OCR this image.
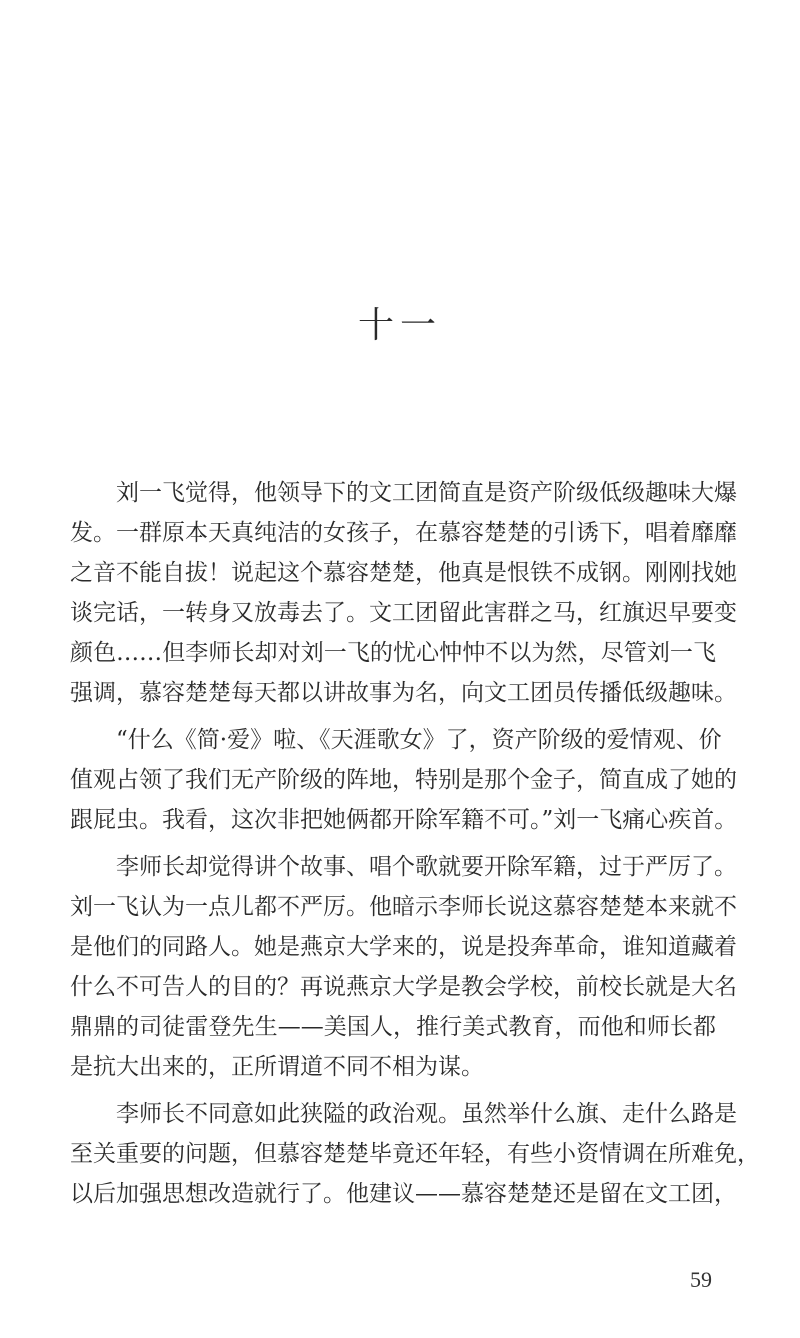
十一

　　刘一飞觉得，他领导下的文工团简直是资产阶级低级趣味大爆
发。一群原本天真纯洁的女孩子，在慕容楚楚的引诱下，唱着靡靡
之音不能自拔！说起这个慕容楚楚，他真是恨铁不成钢。刚刚找她
谈完话，一转身又放毒去了。文工团留此害群之马，红旗迟早要变
颜色……但李师长却对刘一飞的忧心忡忡不以为然，尽管刘一飞
强调，慕容楚楚每天都以讲故事为名，向文工团员传播低级趣味。

　　“什么《简·爱》啦、《天涯歌女》了，资产阶级的爱情观、价
值观占领了我们无产阶级的阵地，特别是那个金子，简直成了她的
跟屁虫。我看，这次非把她俩都开除军籍不可。”刘一飞痛心疾首。

　　李师长却觉得讲个故事、唱个歌就要开除军籍，过于严厉了。
刘一飞认为一点儿都不严厉。他暗示李师长说这慕容楚楚本来就不
是他们的同路人。她是燕京大学来的，说是投奔革命，谁知道藏着
什么不可告人的目的？再说燕京大学是教会学校，前校长就是大名
鼎鼎的司徒雷登先生——美国人，推行美式教育，而他和师长都
是抗大出来的，正所谓道不同不相为谋。

　　李师长不同意如此狭隘的政治观。虽然举什么旗、走什么路是
至关重要的问题，但慕容楚楚毕竟还年轻，有些小资情调在所难免，
以后加强思想改造就行了。他建议——慕容楚楚还是留在文工团，

59
